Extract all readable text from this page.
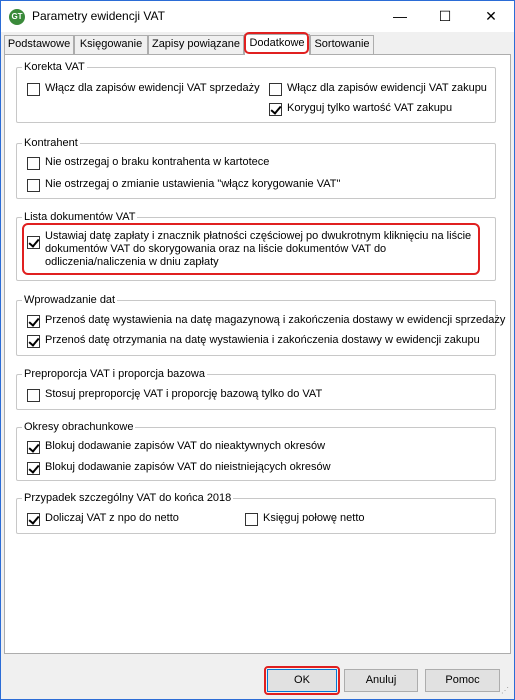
GT Parametry ewidencji VAT	—	☐	✕
Podstawowe Księgowanie Zapisy powiązane Dodatkowe Sortowanie
Korekta VAT
Włącz dla zapisów ewidencji VAT sprzedaży Włącz dla zapisów ewidencji VAT zakupu
Koryguj tylko wartość VAT zakupu
Kontrahent
Nie ostrzegaj o braku kontrahenta w kartotece
Nie ostrzegaj o zmianie ustawienia "włącz korygowanie VAT"
Lista dokumentów VAT
Ustawiaj datę zapłaty i znacznik płatności częściowej po dwukrotnym kliknięciu na liście dokumentów VAT do skorygowania oraz na liście dokumentów VAT do odliczenia/naliczenia w dniu zapłaty
Wprowadzanie dat
Przenoś datę wystawienia na datę magazynową i zakończenia dostawy w ewidencji sprzedaży
Przenoś datę otrzymania na datę wystawienia i zakończenia dostawy w ewidencji zakupu
Preproporcja VAT i proporcja bazowa
Stosuj preproporcję VAT i proporcję bazową tylko do VAT
Okresy obrachunkowe
Blokuj dodawanie zapisów VAT do nieaktywnych okresów
Blokuj dodawanie zapisów VAT do nieistniejących okresów
Przypadek szczególny VAT do końca 2018
Doliczaj VAT z npo do netto	Księguj połowę netto
OK	Anuluj	Pomoc
⋰
